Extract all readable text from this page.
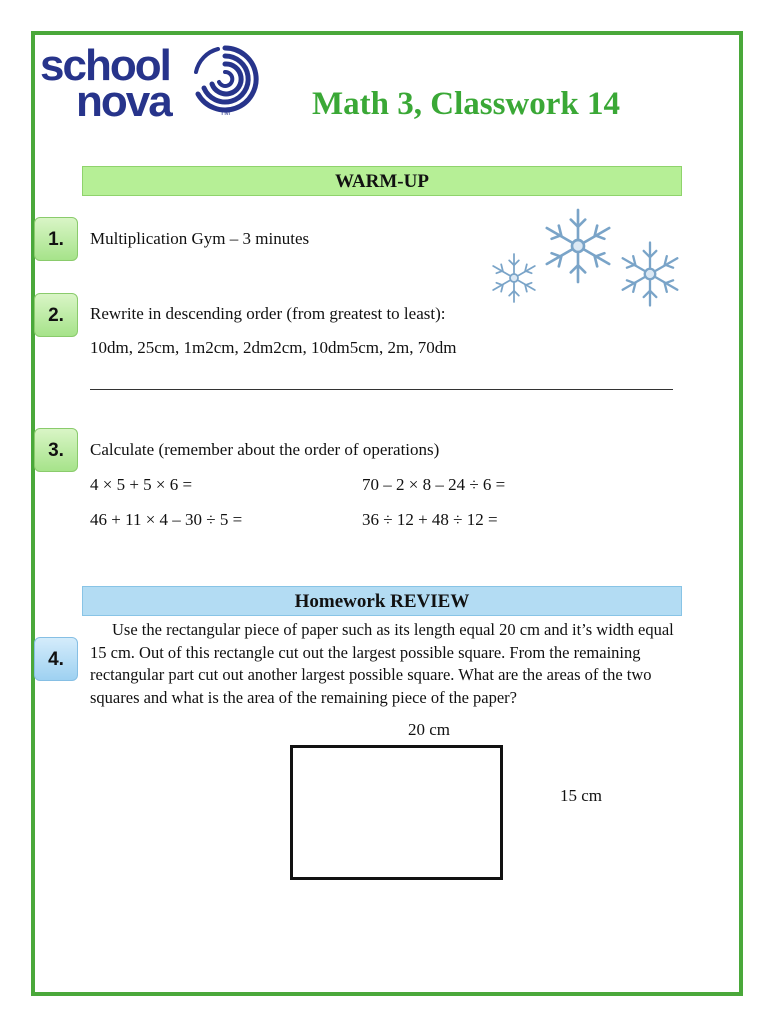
school
nova	TM Math 3, Classwork 14
WARM-UP
1.	Multiplication Gym – 3 minutes
2.	Rewrite in descending order (from greatest to least):
10dm, 25cm, 1m2cm, 2dm2cm, 10dm5cm, 2m, 70dm
3.	Calculate (remember about the order of operations)
4 × 5 + 5 × 6 =	70 – 2 × 8 – 24 ÷ 6 =
46 + 11 × 4 – 30 ÷ 5 =	36 ÷ 12 + 48 ÷ 12 =
Homework REVIEW
4.

Use the rectangular piece of paper such as its length equal 20 cm and it’s width equal 15 cm. Out of this rectangle cut out the largest possible square. From the remaining rectangular part cut out another largest possible square. What are the areas of the two squares and what is the area of the remaining piece of the paper?

20 cm
15 cm
